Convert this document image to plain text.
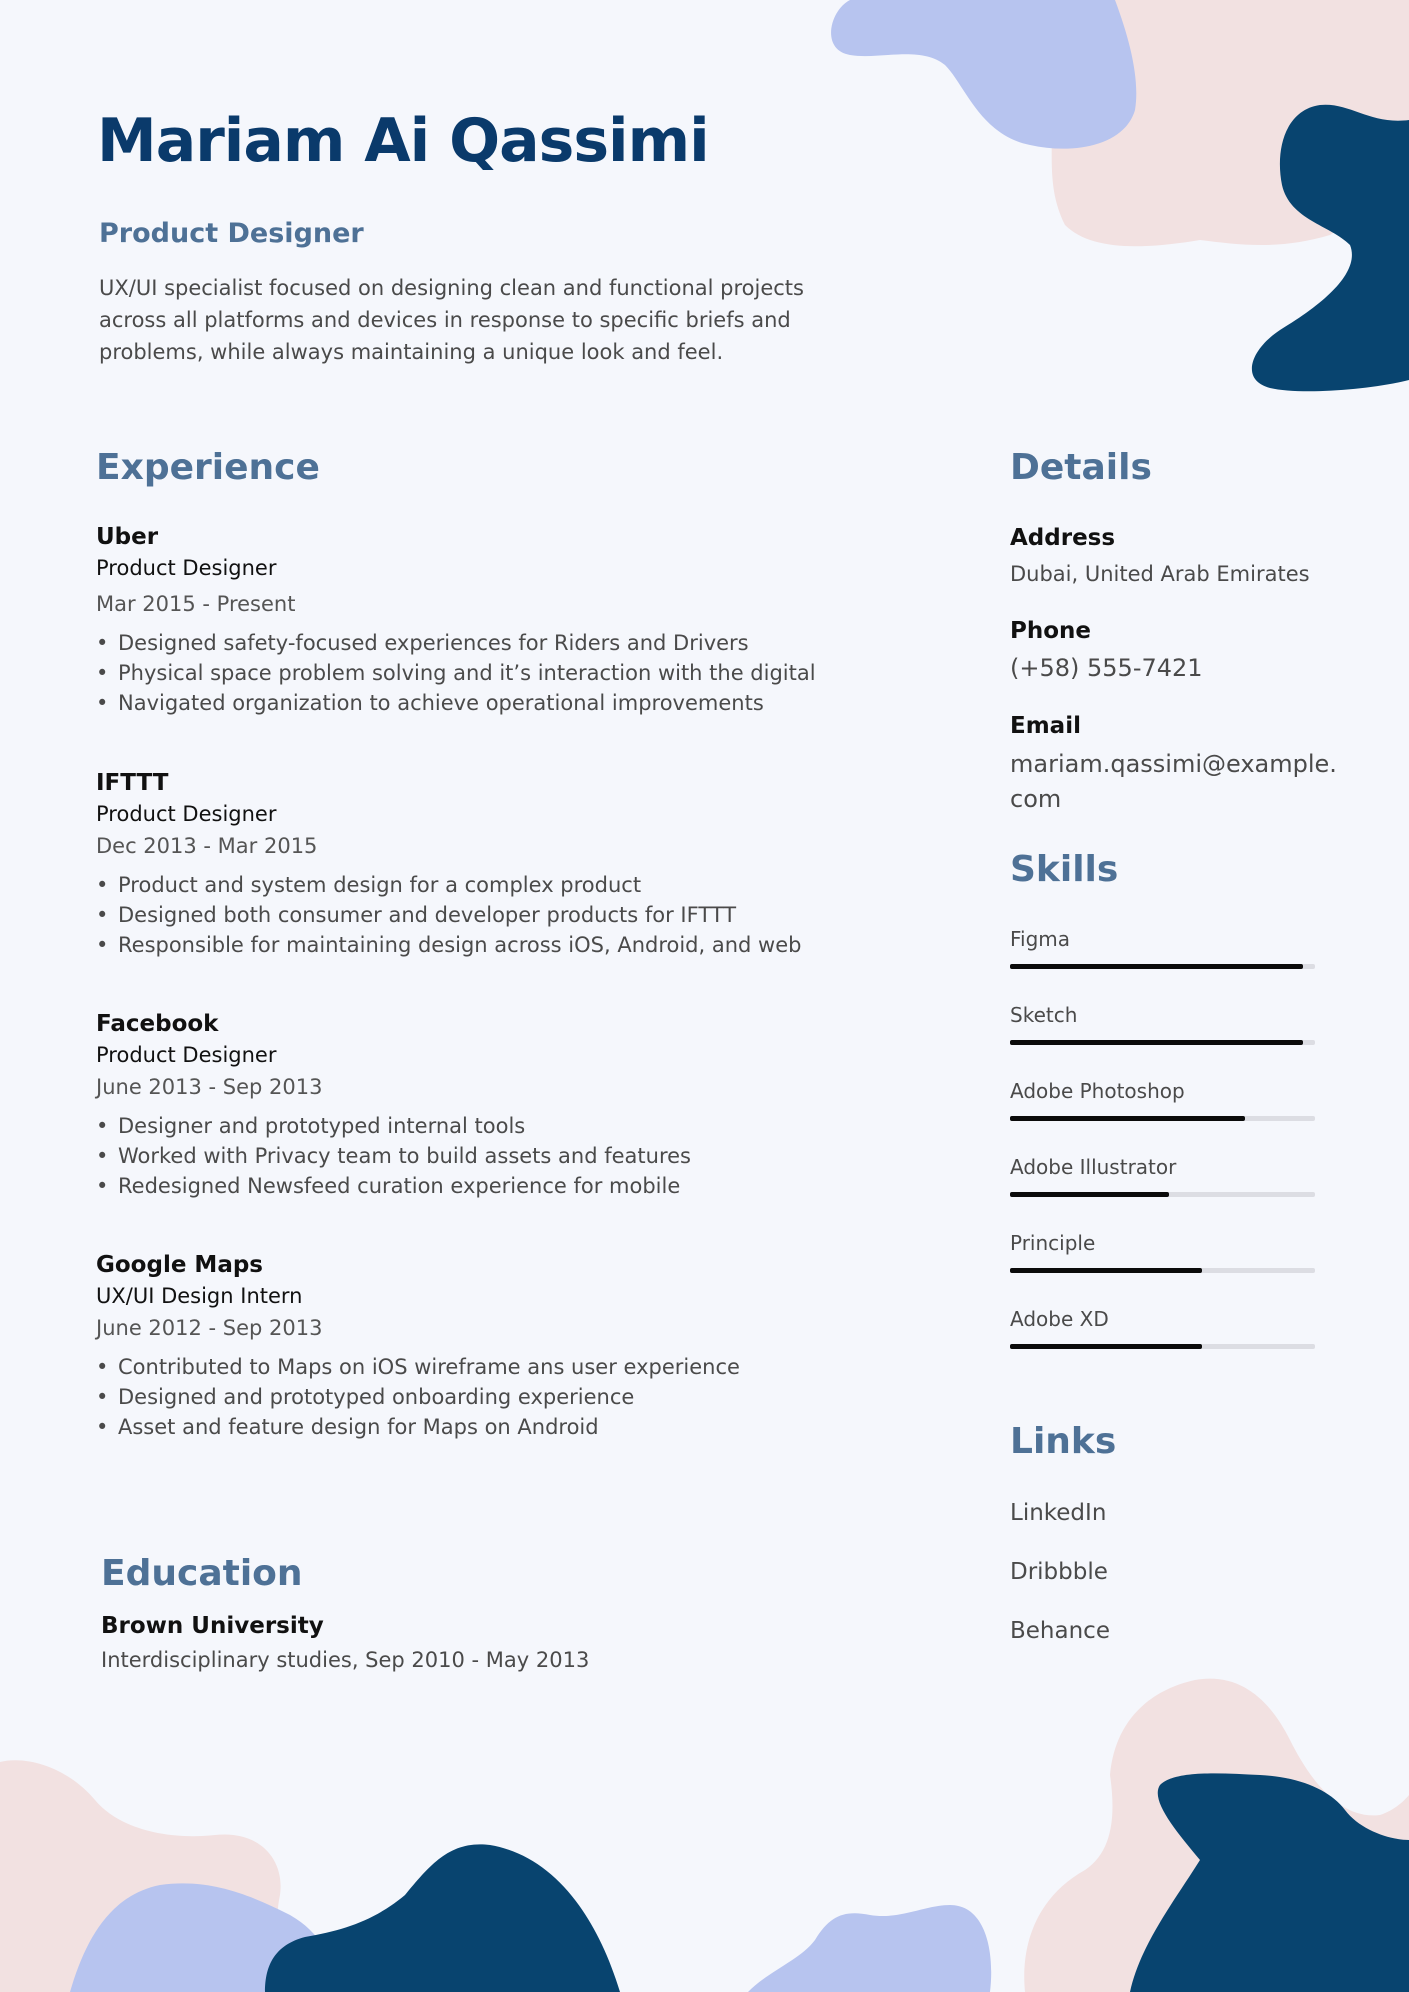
Mariam Ai Qassimi
Product Designer

UX/UI specialist focused on designing clean and functional projects across all platforms and devices in response to specific briefs and problems, while always maintaining a unique look and feel.

Experience
Uber
Product Designer
Mar 2015 - Present
• Designed safety-focused experiences for Riders and Drivers
• Physical space problem solving and it’s interaction with the digital
• Navigated organization to achieve operational improvements
IFTTT
Product Designer
Dec 2013 - Mar 2015
• Product and system design for a complex product
• Designed both consumer and developer products for IFTTT
• Responsible for maintaining design across iOS, Android, and web
Facebook
Product Designer
June 2013 - Sep 2013
• Designer and prototyped internal tools
• Worked with Privacy team to build assets and features
• Redesigned Newsfeed curation experience for mobile
Google Maps
UX/UI Design Intern
June 2012 - Sep 2013
• Contributed to Maps on iOS wireframe ans user experience
• Designed and prototyped onboarding experience
• Asset and feature design for Maps on Android
Education

Brown University

Interdisciplinary studies, Sep 2010 - May 2013

Details

Address

Dubai, United Arab Emirates

Phone

(+58) 555-7421

Email

mariam.qassimi@example.com

Skills
Figma
Sketch
Adobe Photoshop
Adobe Illustrator
Principle
Adobe XD
Links

LinkedIn

Dribbble

Behance
